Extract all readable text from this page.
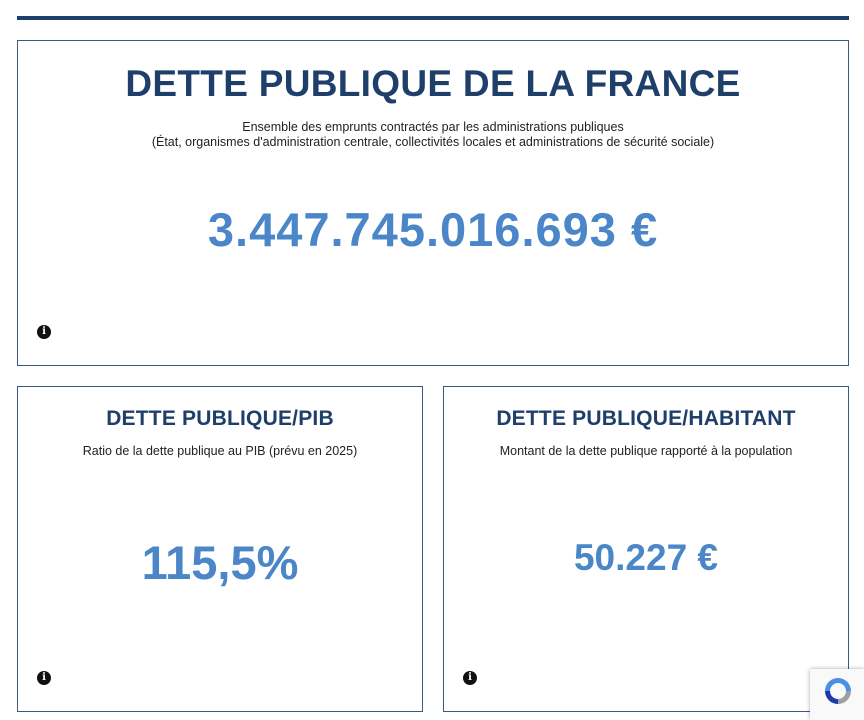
DETTE PUBLIQUE DE LA FRANCE
Ensemble des emprunts contractés par les administrations publiques
(État, organismes d'administration centrale, collectivités locales et administrations de sécurité sociale)
3.447.745.016.693 €
i
DETTE PUBLIQUE/PIB
Ratio de la dette publique au PIB (prévu en 2025)
115,5%
i
DETTE PUBLIQUE/HABITANT
Montant de la dette publique rapporté à la population
50.227 €
i
